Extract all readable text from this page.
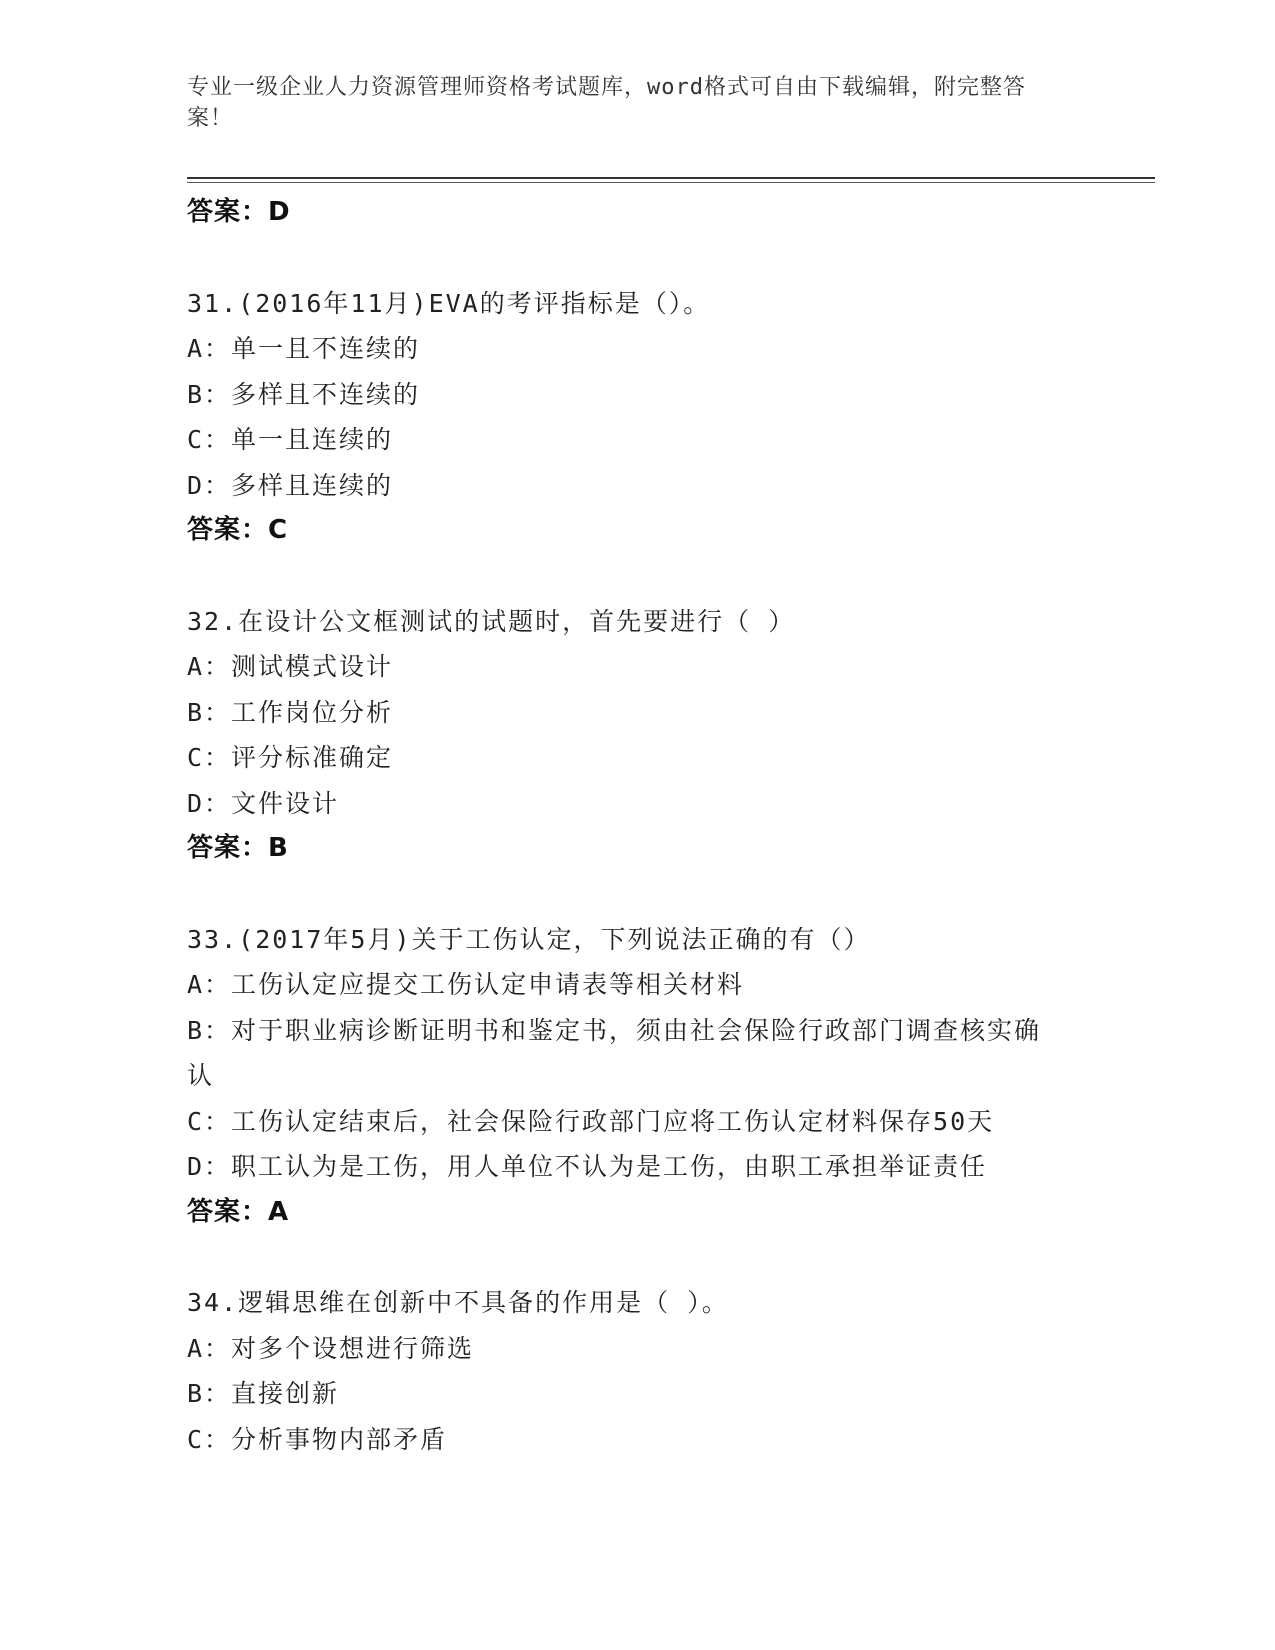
专业一级企业人力资源管理师资格考试题库，word格式可自由下载编辑，附完整答案！
答案：D
31.(2016年11月)EVA的考评指标是（）。
A：单一且不连续的
B：多样且不连续的
C：单一且连续的
D：多样且连续的
答案：C
32.在设计公文框测试的试题时，首先要进行（ ）
A：测试模式设计
B：工作岗位分析
C：评分标准确定
D：文件设计
答案：B
33.(2017年5月)关于工伤认定，下列说法正确的有（）
A：工伤认定应提交工伤认定申请表等相关材料
B：对于职业病诊断证明书和鉴定书，须由社会保险行政部门调查核实确认
C：工伤认定结束后，社会保险行政部门应将工伤认定材料保存50天
D：职工认为是工伤，用人单位不认为是工伤，由职工承担举证责任
答案：A
34.逻辑思维在创新中不具备的作用是（ ）。
A：对多个设想进行筛选
B：直接创新
C：分析事物内部矛盾
